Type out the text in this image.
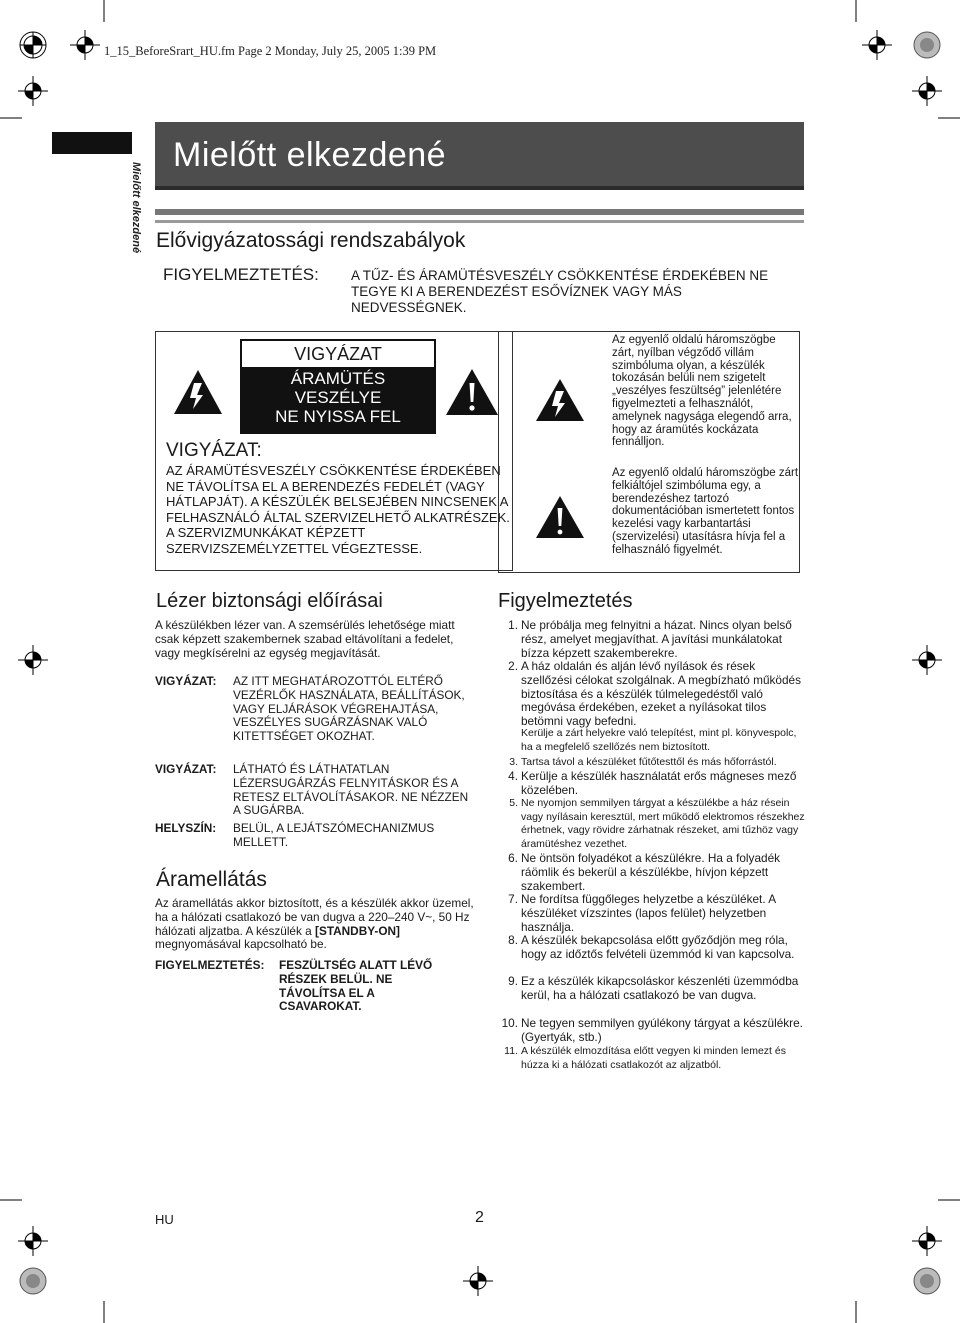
1_15_BeforeSrart_HU.fm Page 2 Monday, July 25, 2005 1:39 PM
Mielőtt elkezdené
Mielőtt elkezdené
Elővigyázatossági rendszabályok
FIGYELMEZTETÉS: A TŰZ- ÉS ÁRAMÜTÉSVESZÉLY CSÖKKENTÉSE ÉRDEKÉBEN NE TEGYE KI A BERENDEZÉST ESŐVÍZNEK VAGY MÁS NEDVESSÉGNEK.
VIGYÁZAT
ÁRAMÜTÉS
VESZÉLYE
NE NYISSA FEL
VIGYÁZAT:
AZ ÁRAMÜTÉSVESZÉLY CSÖKKENTÉSE ÉRDEKÉBEN NE TÁVOLÍTSA EL A BERENDEZÉS FEDELÉT (VAGY HÁTLAPJÁT). A KÉSZÜLÉK BELSEJÉBEN NINCSENEK A FELHASZNÁLÓ ÁLTAL SZERVIZELHETŐ ALKATRÉSZEK. A SZERVIZMUNKÁKAT KÉPZETT SZERVIZSZEMÉLYZETTEL VÉGEZTESSE.
Az egyenlő oldalú háromszögbe zárt, nyílban végződő villám szimbóluma olyan, a készülék tokozásán belüli nem szigetelt „veszélyes feszültség” jelenlétére figyelmezteti a felhasználót, amelynek nagysága elegendő arra, hogy az áramütés kockázata fennálljon.
Az egyenlő oldalú háromszögbe zárt felkiáltójel szimbóluma egy, a berendezéshez tartozó dokumentációban ismertetett fontos kezelési vagy karbantartási (szervizelési) utasításra hívja fel a felhasználó figyelmét.
Lézer biztonsági előírásai
A készülékben lézer van. A szemsérülés lehetősége miatt csak képzett szakembernek szabad eltávolítani a fedelet, vagy megkísérelni az egység megjavítását.
VIGYÁZAT: AZ ITT MEGHATÁROZOTTÓL ELTÉRŐ VEZÉRLŐK HASZNÁLATA, BEÁLLÍTÁSOK, VAGY ELJÁRÁSOK VÉGREHAJTÁSA, VESZÉLYES SUGÁRZÁSNAK VALÓ KITETTSÉGET OKOZHAT.
VIGYÁZAT: LÁTHATÓ ÉS LÁTHATATLAN LÉZERSUGÁRZÁS FELNYITÁSKOR ÉS A RETESZ ELTÁVOLÍTÁSAKOR. NE NÉZZEN A SUGÁRBA.
HELYSZÍN: BELÜL, A LEJÁTSZÓMECHANIZMUS MELLETT.
Áramellátás
Az áramellátás akkor biztosított, és a készülék akkor üzemel, ha a hálózati csatlakozó be van dugva a 220–240 V~, 50 Hz hálózati aljzatba. A készülék a [STANDBY-ON] megnyomásával kapcsolható be.
FIGYELMEZTETÉS: FESZÜLTSÉG ALATT LÉVŐ RÉSZEK BELÜL. NE TÁVOLÍTSA EL A CSAVAROKAT.
Figyelmeztetés
1. Ne próbálja meg felnyitni a házat. Nincs olyan belső rész, amelyet megjavíthat. A javítási munkálatokat bízza képzett szakemberekre.
2. A ház oldalán és alján lévő nyílások és rések szellőzési célokat szolgálnak. A megbízható működés biztosítása és a készülék túlmelegedéstől való megóvása érdekében, ezeket a nyílásokat tilos betömni vagy befedni.
Kerülje a zárt helyekre való telepítést, mint pl. könyvespolc, ha a megfelelő szellőzés nem biztosított.
3. Tartsa távol a készüléket fűtőtesttől és más hőforrástól.
4. Kerülje a készülék használatát erős mágneses mező közelében.
5. Ne nyomjon semmilyen tárgyat a készülékbe a ház résein vagy nyílásain keresztül, mert működő elektromos részekhez érhetnek, vagy rövidre zárhatnak részeket, ami tűzhöz vagy áramütéshez vezethet.
6. Ne öntsön folyadékot a készülékre. Ha a folyadék ráömlik és bekerül a készülékbe, hívjon képzett szakembert.
7. Ne fordítsa függőleges helyzetbe a készüléket. A készüléket vízszintes (lapos felület) helyzetben használja.
8. A készülék bekapcsolása előtt győződjön meg róla, hogy az időztős felvételi üzemmód ki van kapcsolva.
9. Ez a készülék kikapcsoláskor készenléti üzemmódba kerül, ha a hálózati csatlakozó be van dugva.
10. Ne tegyen semmilyen gyúlékony tárgyat a készülékre. (Gyertyák, stb.)
11. A készülék elmozdítása előtt vegyen ki minden lemezt és húzza ki a hálózati csatlakozót az aljzatból.
HU	2
